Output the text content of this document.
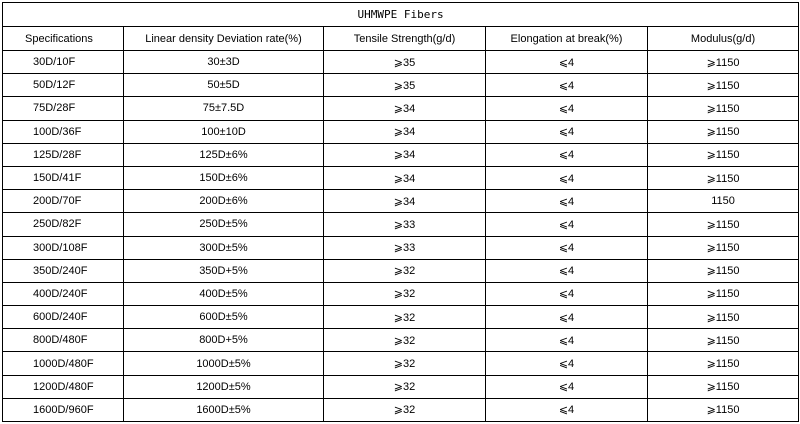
UHMWPE Fibers				
Specifications	Linear density Deviation rate(%)	Tensile Strength(g/d)	Elongation at break(%)	Modulus(g/d)
30D/10F	30±3D	⩾35	⩽4	⩾1150
50D/12F	50±5D	⩾35	⩽4	⩾1150
75D/28F	75±7.5D	⩾34	⩽4	⩾1150
100D/36F	100±10D	⩾34	⩽4	⩾1150
125D/28F	125D±6%	⩾34	⩽4	⩾1150
150D/41F	150D±6%	⩾34	⩽4	⩾1150
200D/70F	200D±6%	⩾34	⩽4	1150
250D/82F	250D±5%	⩾33	⩽4	⩾1150
300D/108F	300D±5%	⩾33	⩽4	⩾1150
350D/240F	350D+5%	⩾32	⩽4	⩾1150
400D/240F	400D±5%	⩾32	⩽4	⩾1150
600D/240F	600D±5%	⩾32	⩽4	⩾1150
800D/480F	800D+5%	⩾32	⩽4	⩾1150
1000D/480F	1000D±5%	⩾32	⩽4	⩾1150
1200D/480F	1200D±5%	⩾32	⩽4	⩾1150
1600D/960F	1600D±5%	⩾32	⩽4	⩾1150
